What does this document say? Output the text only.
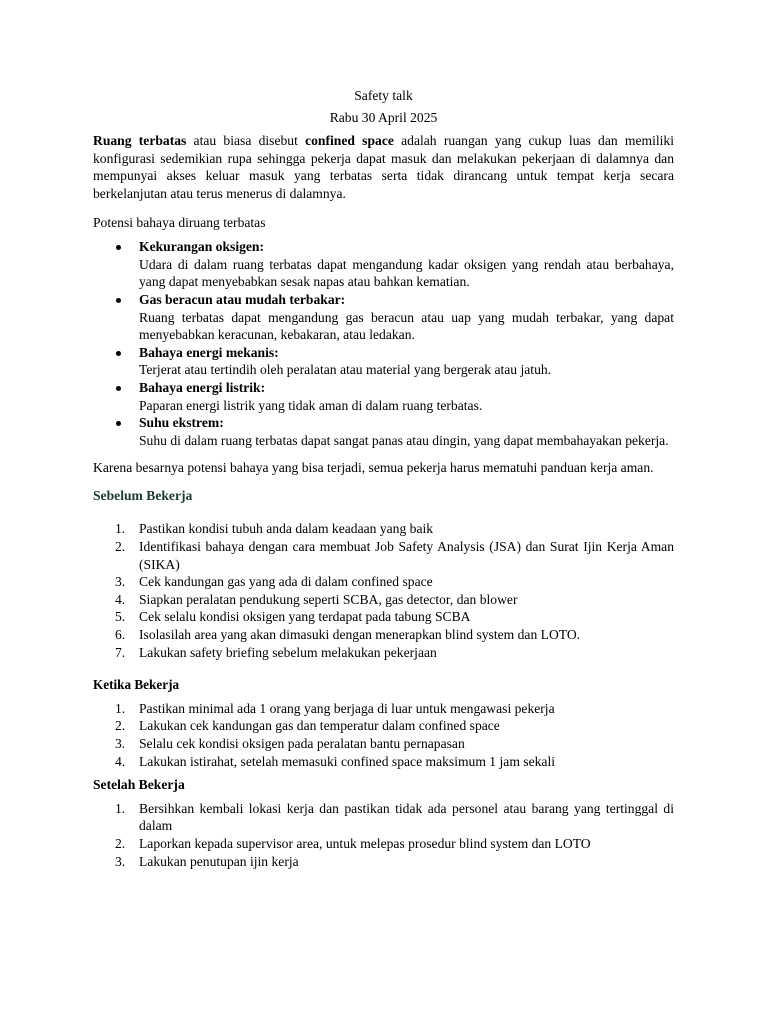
Safety talk

Rabu 30 April 2025

Ruang terbatas atau biasa disebut confined space adalah ruangan yang cukup luas dan memiliki konfigurasi sedemikian rupa sehingga pekerja dapat masuk dan melakukan pekerjaan di dalamnya dan mempunyai akses keluar masuk yang terbatas serta tidak dirancang untuk tempat kerja secara berkelanjutan atau terus menerus di dalamnya.

Potensi bahaya diruang terbatas

Kekurangan oksigen:
Udara di dalam ruang terbatas dapat mengandung kadar oksigen yang rendah atau berbahaya, yang dapat menyebabkan sesak napas atau bahkan kematian.
Gas beracun atau mudah terbakar:
Ruang terbatas dapat mengandung gas beracun atau uap yang mudah terbakar, yang dapat menyebabkan keracunan, kebakaran, atau ledakan.
Bahaya energi mekanis:
Terjerat atau tertindih oleh peralatan atau material yang bergerak atau jatuh.
Bahaya energi listrik:
Paparan energi listrik yang tidak aman di dalam ruang terbatas.
Suhu ekstrem:
Suhu di dalam ruang terbatas dapat sangat panas atau dingin, yang dapat membahayakan pekerja.

Karena besarnya potensi bahaya yang bisa terjadi, semua pekerja harus mematuhi panduan kerja aman.

Sebelum Bekerja

1. Pastikan kondisi tubuh anda dalam keadaan yang baik
2. Identifikasi bahaya dengan cara membuat Job Safety Analysis (JSA) dan Surat Ijin Kerja Aman (SIKA)
3. Cek kandungan gas yang ada di dalam confined space
4. Siapkan peralatan pendukung seperti SCBA, gas detector, dan blower
5. Cek selalu kondisi oksigen yang terdapat pada tabung SCBA
6. Isolasilah area yang akan dimasuki dengan menerapkan blind system dan LOTO.
7. Lakukan safety briefing sebelum melakukan pekerjaan

Ketika Bekerja

1. Pastikan minimal ada 1 orang yang berjaga di luar untuk mengawasi pekerja
2. Lakukan cek kandungan gas dan temperatur dalam confined space
3. Selalu cek kondisi oksigen pada peralatan bantu pernapasan
4. Lakukan istirahat, setelah memasuki confined space maksimum 1 jam sekali

Setelah Bekerja

1. Bersihkan kembali lokasi kerja dan pastikan tidak ada personel atau barang yang tertinggal di dalam
2. Laporkan kepada supervisor area, untuk melepas prosedur blind system dan LOTO
3. Lakukan penutupan ijin kerja
